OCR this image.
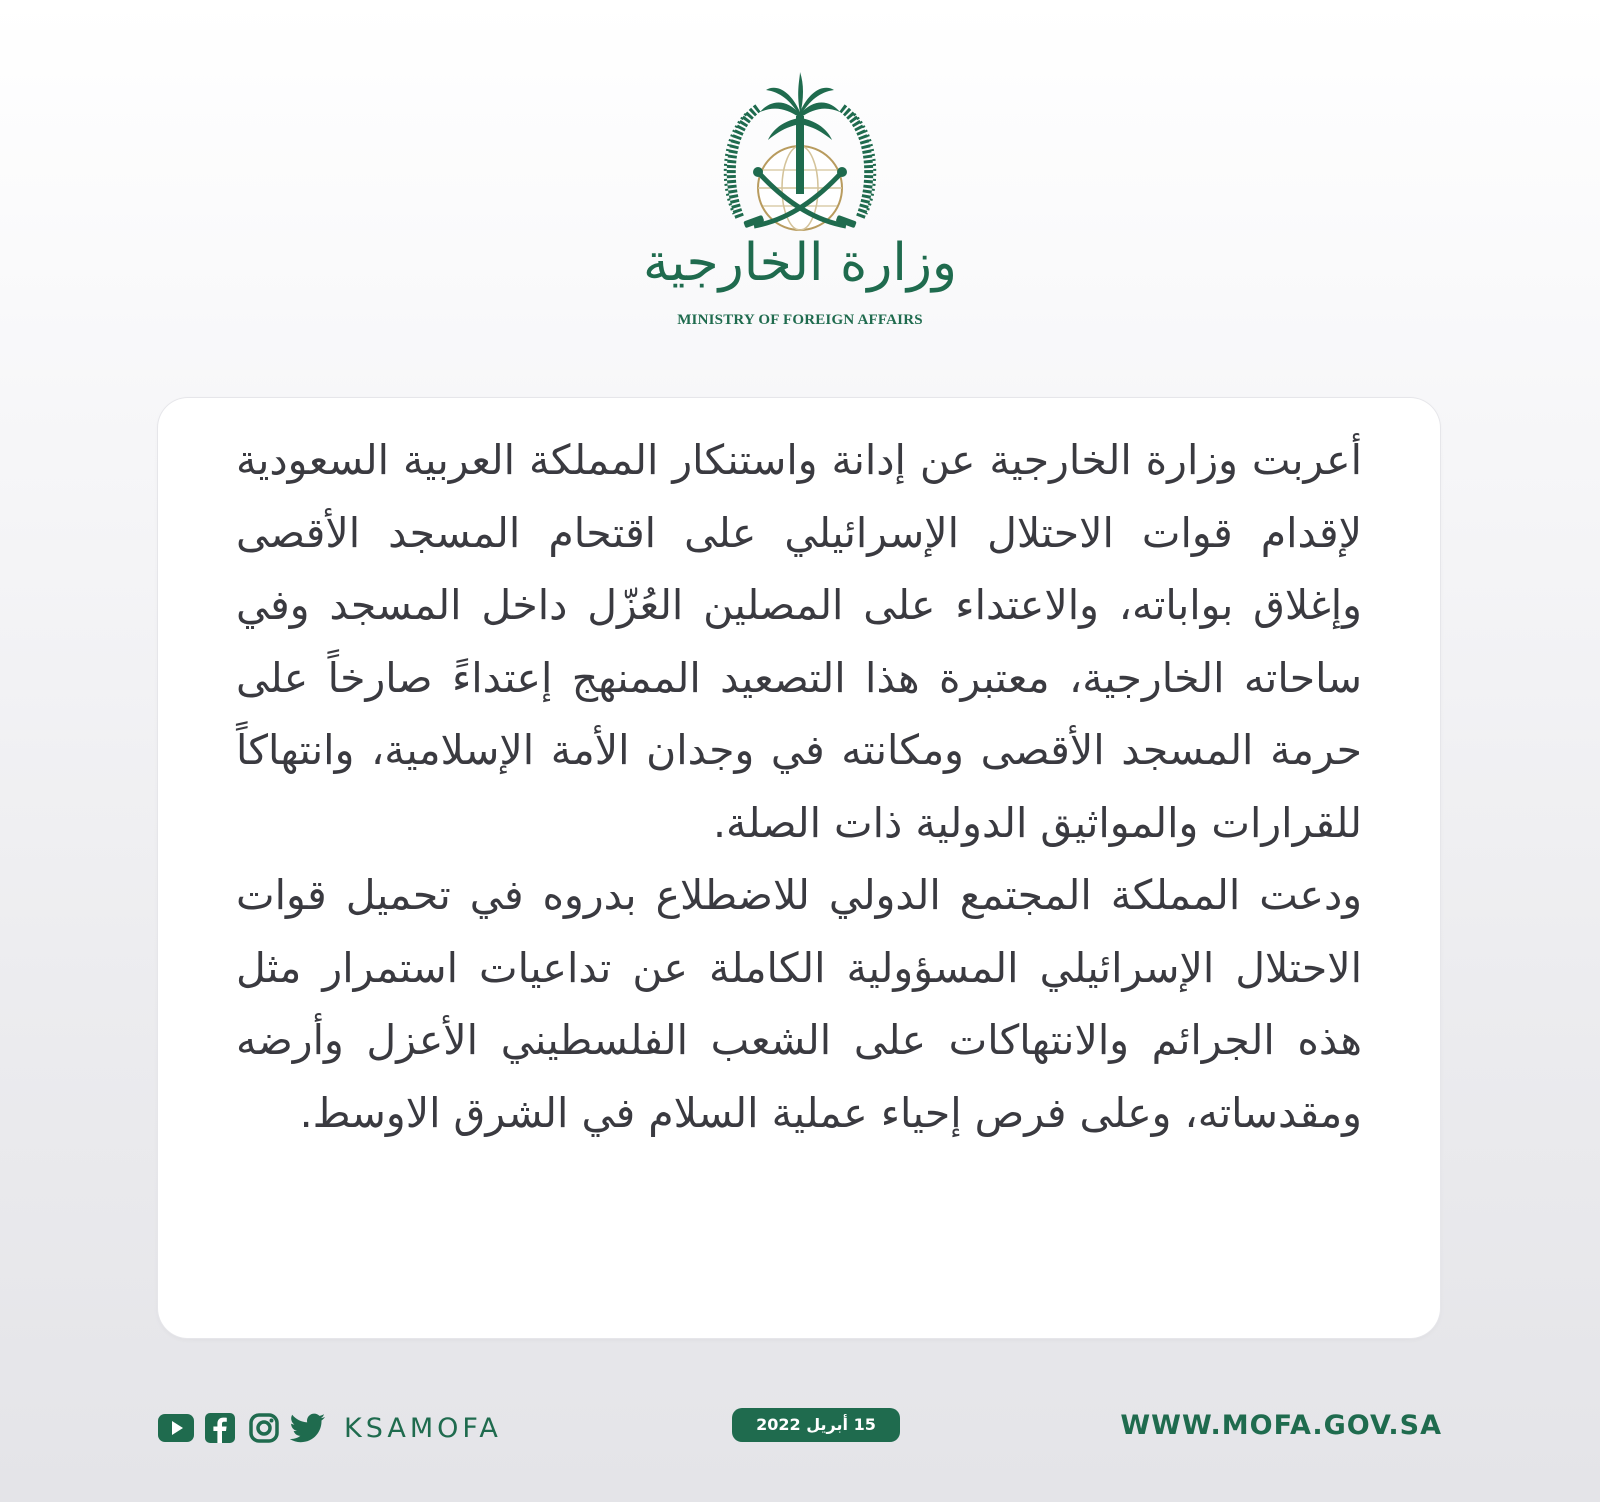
وزارة الخارجية
MINISTRY OF FOREIGN AFFAIRS

أعربت وزارة الخارجية عن إدانة واستنكار المملكة العربية السعودية لإقدام قوات الاحتلال الإسرائيلي على اقتحام المسجد الأقصى وإغلاق بواباته، والاعتداء على المصلين العُزّل داخل المسجد وفي ساحاته الخارجية، معتبرة هذا التصعيد الممنهج إعتداءً صارخاً على حرمة المسجد الأقصى ومكانته في وجدان الأمة الإسلامية، وانتهاكاً للقرارات والمواثيق الدولية ذات الصلة.

ودعت المملكة المجتمع الدولي للاضطلاع بدروه في تحميل قوات الاحتلال الإسرائيلي المسؤولية الكاملة عن تداعيات استمرار مثل هذه الجرائم والانتهاكات على الشعب الفلسطيني الأعزل وأرضه ومقدساته، وعلى فرص إحياء عملية السلام في الشرق الاوسط.

KSAMOFA	15 أبريل 2022	WWW.MOFA.GOV.SA
